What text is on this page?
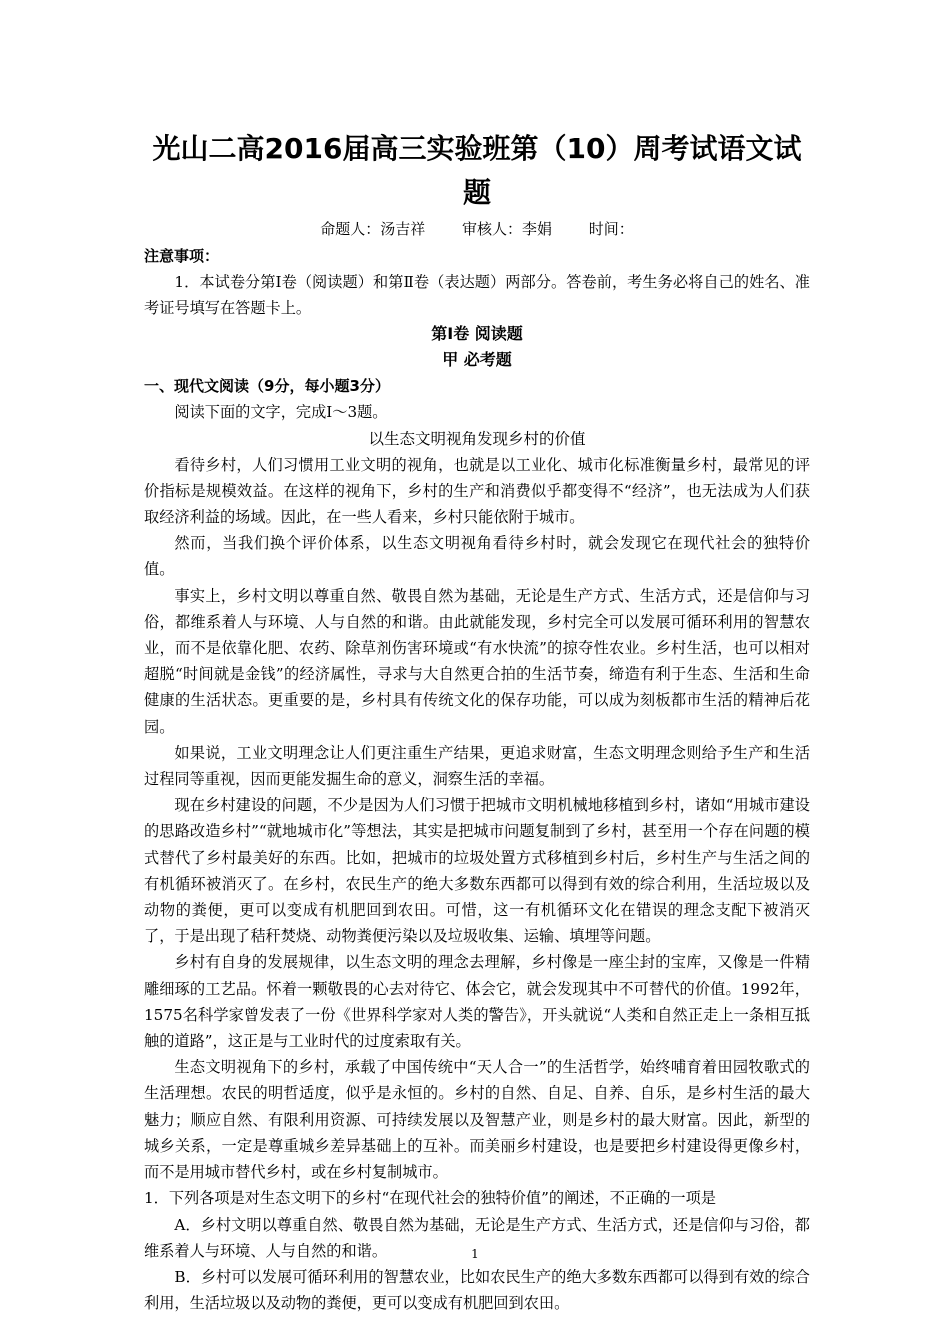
光山二高2016届高三实验班第（10）周考试语文试题
命题人：汤吉祥 审核人：李娟 时间：
注意事项：

1．本试卷分第Ⅰ卷（阅读题）和第Ⅱ卷（表达题）两部分。答卷前，考生务必将自己的姓名、准考证号填写在答题卡上。

第Ⅰ卷 阅读题
甲 必考题
一、现代文阅读（9分，每小题3分）

阅读下面的文字，完成Ⅰ～3题。

以生态文明视角发现乡村的价值

看待乡村，人们习惯用工业文明的视角，也就是以工业化、城市化标准衡量乡村，最常见的评价指标是规模效益。在这样的视角下，乡村的生产和消费似乎都变得不“经济”，也无法成为人们获取经济利益的场域。因此，在一些人看来，乡村只能依附于城市。

然而，当我们换个评价体系，以生态文明视角看待乡村时，就会发现它在现代社会的独特价值。

事实上，乡村文明以尊重自然、敬畏自然为基础，无论是生产方式、生活方式，还是信仰与习俗，都维系着人与环境、人与自然的和谐。由此就能发现，乡村完全可以发展可循环利用的智慧农业，而不是依靠化肥、农药、除草剂伤害环境或“有水快流”的掠夺性农业。乡村生活，也可以相对超脱“时间就是金钱”的经济属性，寻求与大自然更合拍的生活节奏，缔造有利于生态、生活和生命健康的生活状态。更重要的是，乡村具有传统文化的保存功能，可以成为刻板都市生活的精神后花园。

如果说，工业文明理念让人们更注重生产结果，更追求财富，生态文明理念则给予生产和生活过程同等重视，因而更能发掘生命的意义，洞察生活的幸福。

现在乡村建设的问题，不少是因为人们习惯于把城市文明机械地移植到乡村，诸如“用城市建设的思路改造乡村”“就地城市化”等想法，其实是把城市问题复制到了乡村，甚至用一个存在问题的模式替代了乡村最美好的东西。比如，把城市的垃圾处置方式移植到乡村后，乡村生产与生活之间的有机循环被消灭了。在乡村，农民生产的绝大多数东西都可以得到有效的综合利用，生活垃圾以及动物的粪便，更可以变成有机肥回到农田。可惜，这一有机循环文化在错误的理念支配下被消灭了，于是出现了秸秆焚烧、动物粪便污染以及垃圾收集、运输、填埋等问题。

乡村有自身的发展规律，以生态文明的理念去理解，乡村像是一座尘封的宝库，又像是一件精雕细琢的工艺品。怀着一颗敬畏的心去对待它、体会它，就会发现其中不可替代的价值。1992年，1575名科学家曾发表了一份《世界科学家对人类的警告》，开头就说“人类和自然正走上一条相互抵触的道路”，这正是与工业时代的过度索取有关。

生态文明视角下的乡村，承载了中国传统中“天人合一”的生活哲学，始终哺育着田园牧歌式的生活理想。农民的明哲适度，似乎是永恒的。乡村的自然、自足、自养、自乐，是乡村生活的最大魅力；顺应自然、有限利用资源、可持续发展以及智慧产业，则是乡村的最大财富。因此，新型的城乡关系，一定是尊重城乡差异基础上的互补。而美丽乡村建设，也是要把乡村建设得更像乡村，而不是用城市替代乡村，或在乡村复制城市。

1．下列各项是对生态文明下的乡村“在现代社会的独特价值”的阐述，不正确的一项是

A．乡村文明以尊重自然、敬畏自然为基础，无论是生产方式、生活方式，还是信仰与习俗，都维系着人与环境、人与自然的和谐。

B．乡村可以发展可循环利用的智慧农业，比如农民生产的绝大多数东西都可以得到有效的综合利用，生活垃圾以及动物的粪便，更可以变成有机肥回到农田。

1
